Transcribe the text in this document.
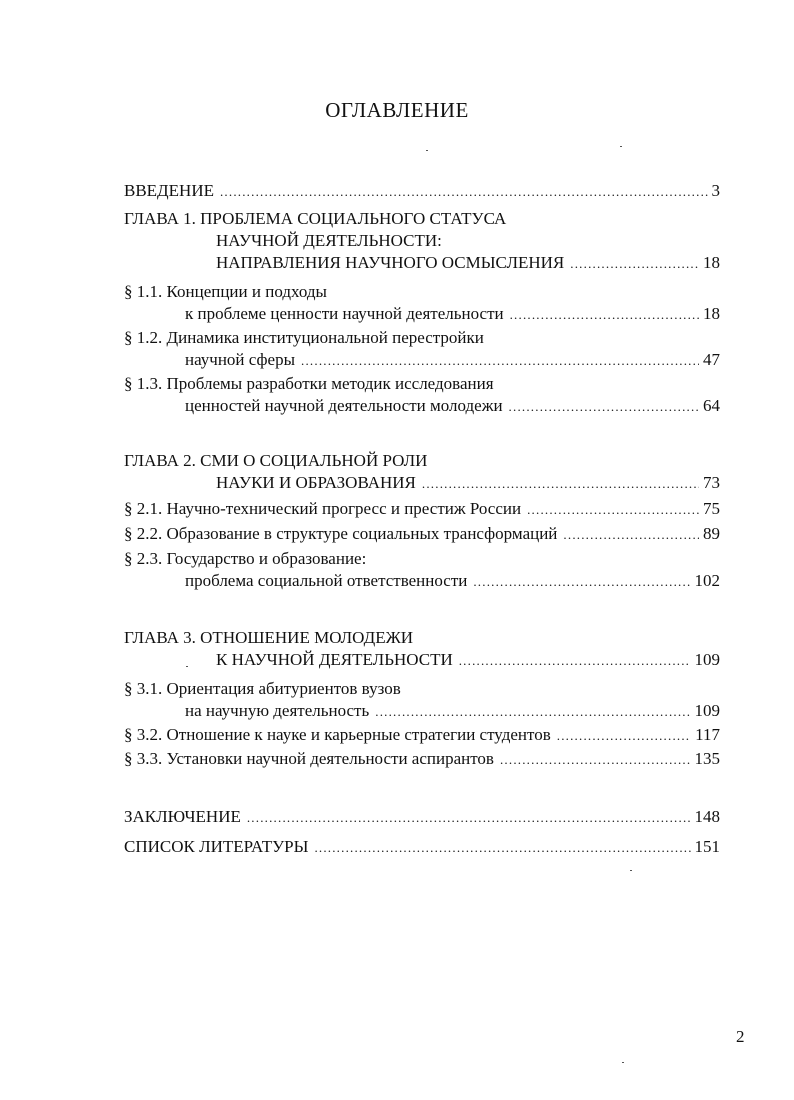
ОГЛАВЛЕНИЕ
ВВЕДЕНИЕ .....	3
ГЛАВА 1. ПРОБЛЕМА СОЦИАЛЬНОГО СТАТУСА
НАУЧНОЙ ДЕЯТЕЛЬНОСТИ:
НАПРАВЛЕНИЯ НАУЧНОГО ОСМЫСЛЕНИЯ .....	18
§ 1.1. Концепции и подходы
к проблеме ценности научной деятельности .....	18
§ 1.2. Динамика институциональной перестройки
научной сферы .....	47
§ 1.3. Проблемы разработки методик исследования
ценностей научной деятельности молодежи .....	64
ГЛАВА 2. СМИ О СОЦИАЛЬНОЙ РОЛИ
НАУКИ И ОБРАЗОВАНИЯ .....	73
§ 2.1. Научно-технический прогресс и престиж России .....	75
§ 2.2. Образование в структуре социальных трансформаций .....	89
§ 2.3. Государство и образование:
проблема социальной ответственности .....	102
ГЛАВА 3. ОТНОШЕНИЕ МОЛОДЕЖИ
К НАУЧНОЙ ДЕЯТЕЛЬНОСТИ .....	109
§ 3.1. Ориентация абитуриентов вузов
на научную деятельность .....	109
§ 3.2. Отношение к науке и карьерные стратегии студентов .....	117
§ 3.3. Установки научной деятельности аспирантов .....	135
ЗАКЛЮЧЕНИЕ .....	148
СПИСОК ЛИТЕРАТУРЫ .....	151
2
